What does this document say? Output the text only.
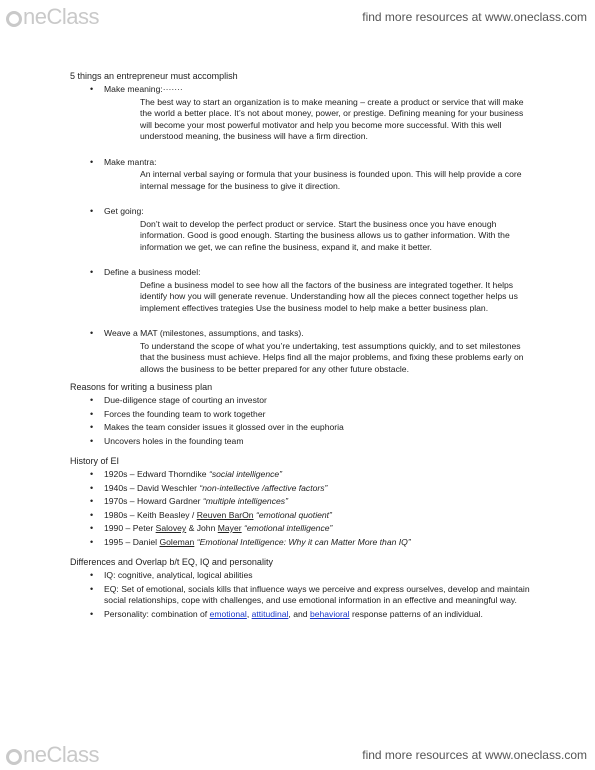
neClass	find more resources at www.oneclass.com
5 things an entrepreneur must accomplish
• Make meaning:·······
The best way to start an organization is to make meaning – create a product or service that will make the world a better place. It’s not about money, power, or prestige. Defining meaning for your business will become your most powerful motivator and help you become more successful. With this well understood meaning, the business will have a firm direction.
• Make mantra:
An internal verbal saying or formula that your business is founded upon. This will help provide a core internal message for the business to give it direction.
• Get going:
Don’t wait to develop the perfect product or service. Start the business once you have enough information. Good is good enough. Starting the business allows us to gather information. With the information we get, we can refine the business, expand it, and make it better.
• Define a business model:
Define a business model to see how all the factors of the business are integrated together. It helps identify how you will generate revenue. Understanding how all the pieces connect together helps us implement effectives trategies Use the business model to help make a better business plan.
• Weave a MAT (milestones, assumptions, and tasks).
To understand the scope of what you’re undertaking, test assumptions quickly, and to set milestones that the business must achieve. Helps find all the major problems, and fixing these problems early on allows the business to be better prepared for any other future obstacle.
Reasons for writing a business plan
• Due-diligence stage of courting an investor
• Forces the founding team to work together
• Makes the team consider issues it glossed over in the euphoria
• Uncovers holes in the founding team
History of EI
• 1920s – Edward Thorndike “social intelligence”
• 1940s – David Weschler “non-intellective /affective factors”
• 1970s – Howard Gardner “multiple intelligences”
• 1980s – Keith Beasley / Reuven BarOn “emotional quotient”
• 1990 – Peter Salovey & John Mayer “emotional intelligence”
• 1995 – Daniel Goleman “Emotional Intelligence: Why it can Matter More than IQ”
Differences and Overlap b/t EQ, IQ and personality
• IQ: cognitive, analytical, logical abilities
• EQ: Set of emotional, socials kills that influence ways we perceive and express ourselves, develop and maintain social relationships, cope with challenges, and use emotional information in an effective and meaningful way.
• Personality: combination of emotional, attitudinal, and behavioral response patterns of an individual.
neClass	find more resources at www.oneclass.com
